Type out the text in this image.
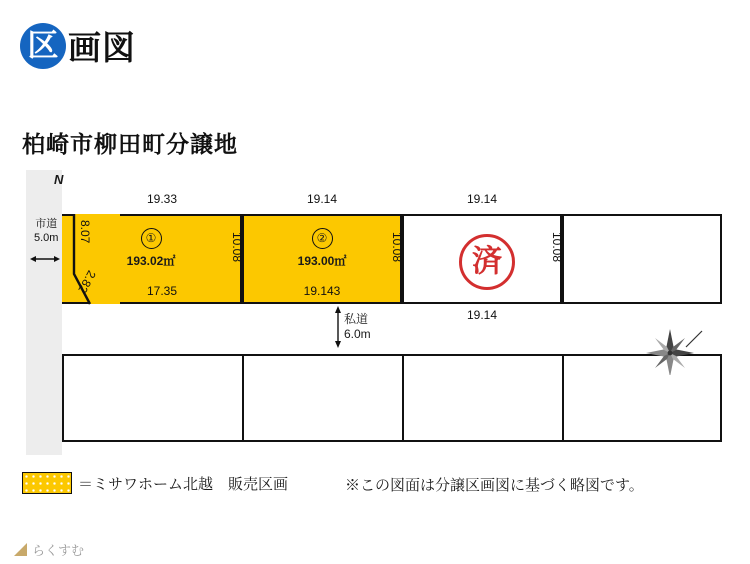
区 画図
柏崎市柳田町分譲地
市道
5.0m	①
193.02㎡
②
193.00㎡	済
19.33	19.14	19.14
17.35	19.143
19.14
8.07
2.82
10.08	10.08	10.08
私道
6.0m
N
＝ミサワホーム北越　販売区画	※この図面は分譲区画図に基づく略図です。
らくすむ
